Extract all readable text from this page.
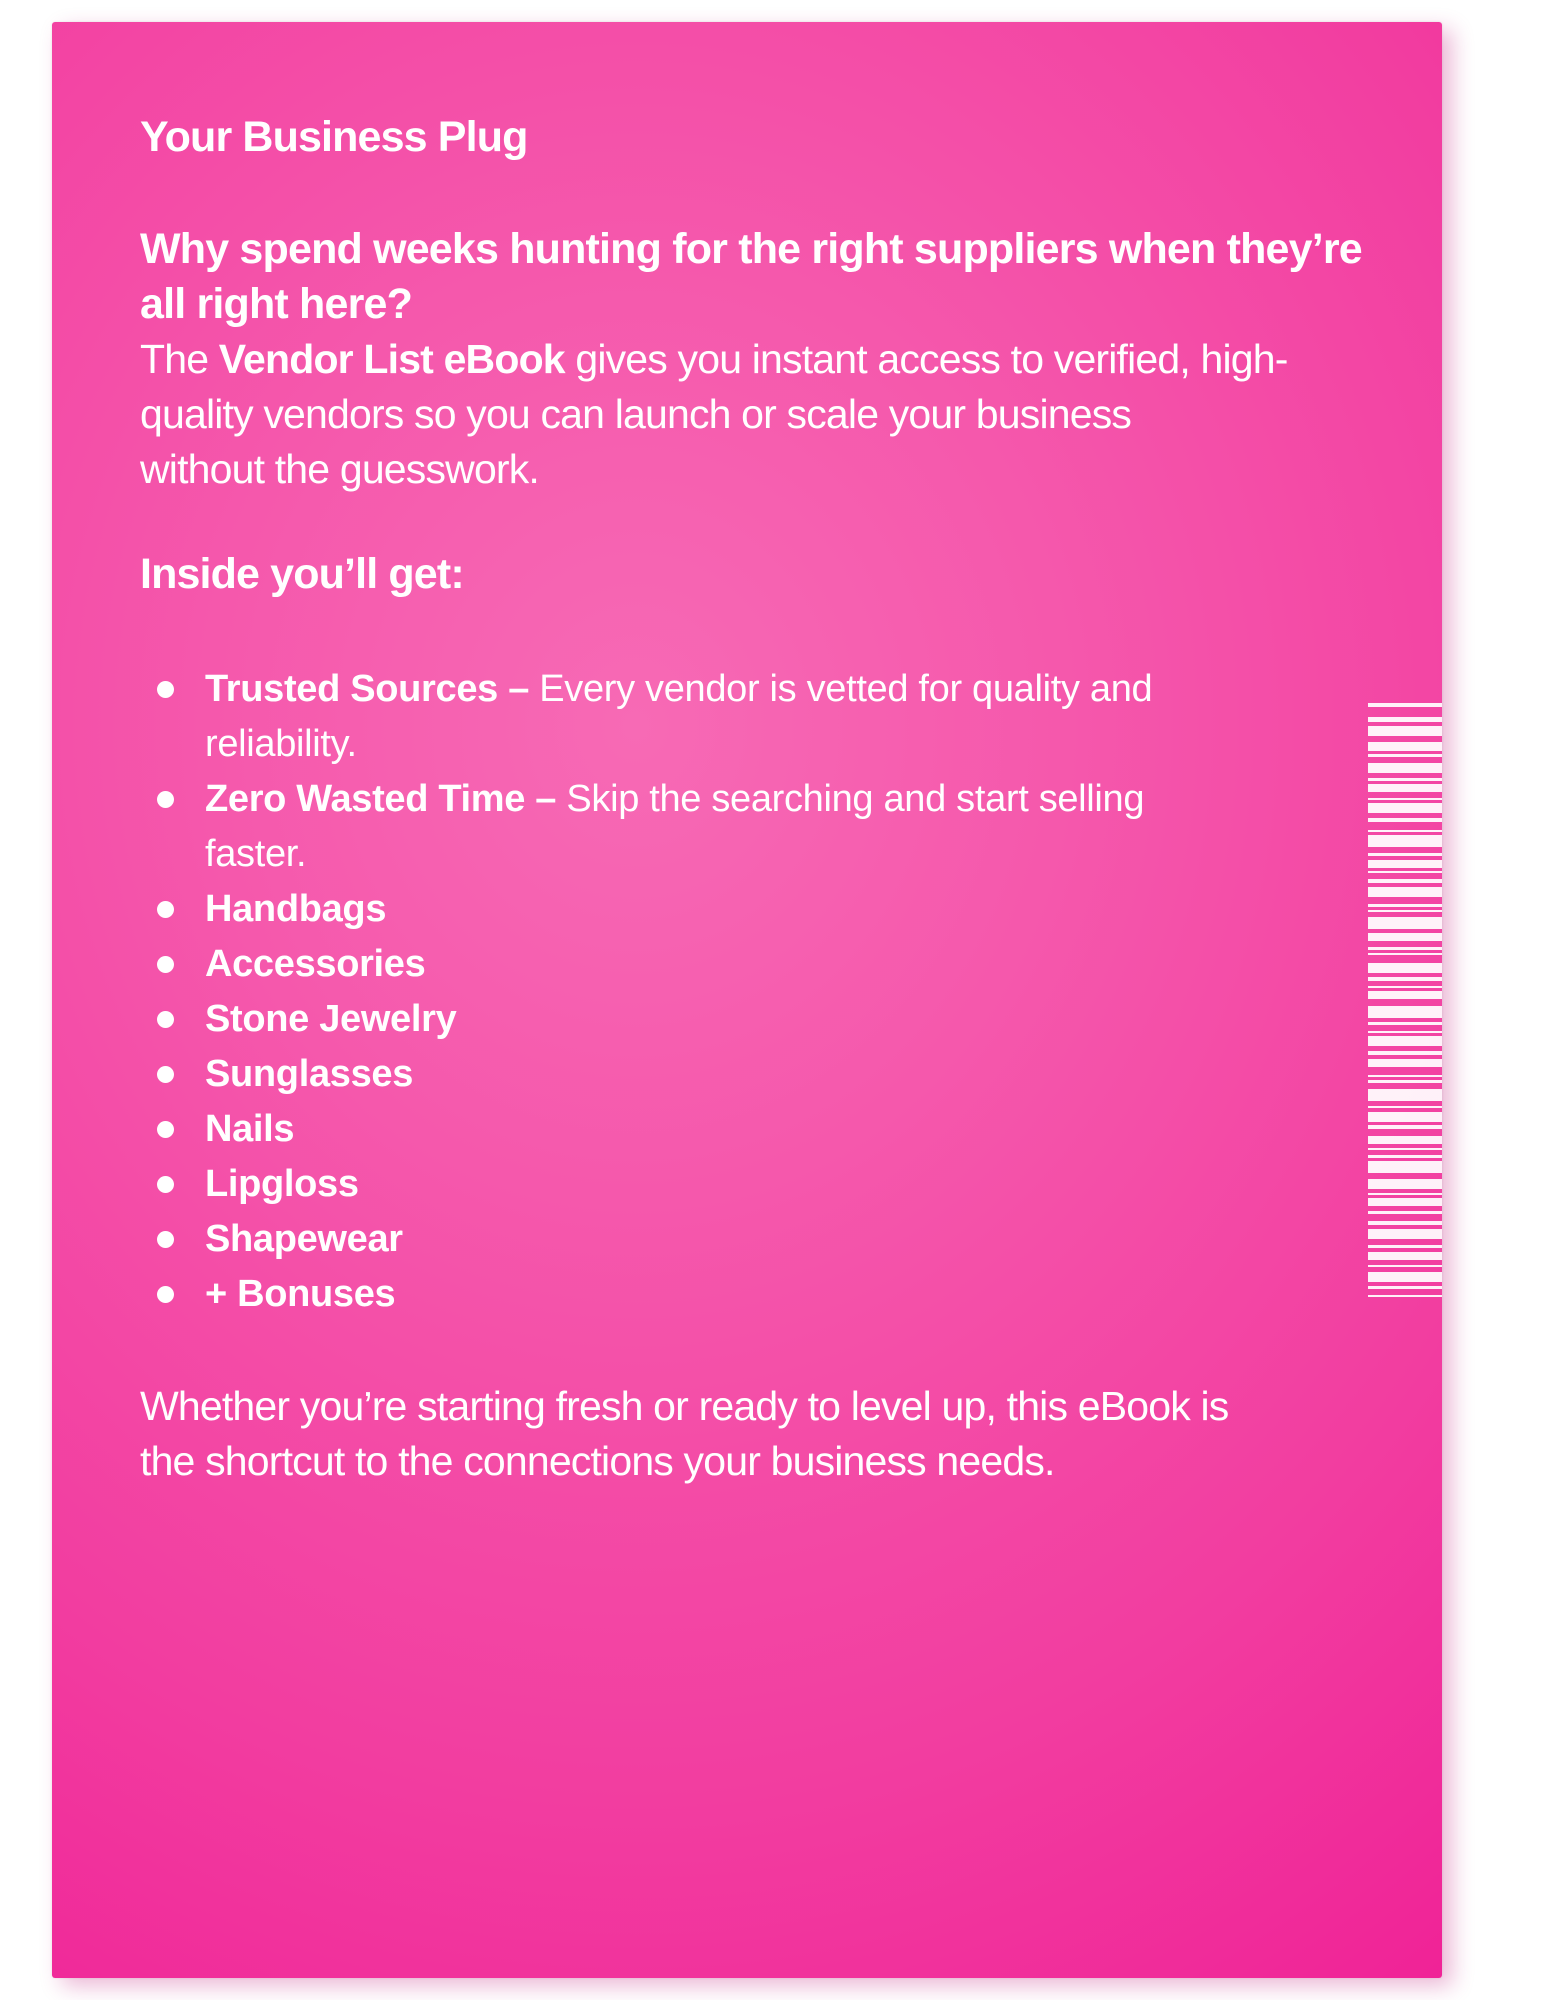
Your Business Plug
Why spend weeks hunting for the right suppliers when they’re
all right here?
The Vendor List eBook gives you instant access to verified, high-
quality vendors so you can launch or scale your business
without the guesswork.
Inside you’ll get:
Trusted Sources – Every vendor is vetted for quality and
reliability.
Zero Wasted Time – Skip the searching and start selling
faster.
Handbags
Accessories
Stone Jewelry
Sunglasses
Nails
Lipgloss
Shapewear
+ Bonuses
Whether you’re starting fresh or ready to level up, this eBook is
the shortcut to the connections your business needs.
